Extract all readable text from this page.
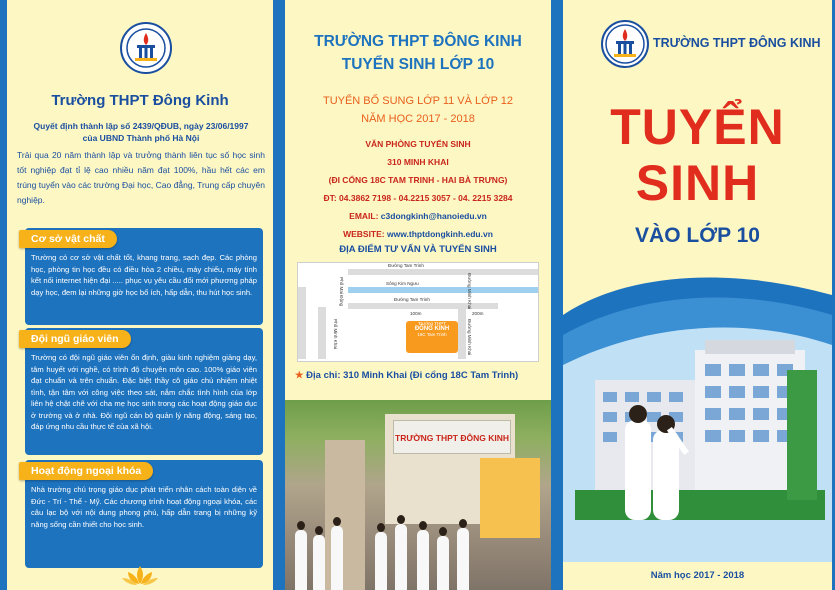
Trường THPT Đông Kinh
Quyết định thành lập số 2439/QĐUB, ngày 23/06/1997
của UBND Thành phố Hà Nội
Trải qua 20 năm thành lập và trưởng thành liên tục số học sinh tốt nghiệp đạt tỉ lệ cao nhiều năm đạt 100%, hầu hết các em trúng tuyển vào các trường Đại học, Cao đẳng, Trung cấp chuyên nghiệp.
Cơ sở vật chất
Trường có cơ sở vật chất tốt, khang trang, sạch đẹp. Các phòng học, phòng tin học đều có điều hòa 2 chiều, máy chiếu, máy tính kết nối internet hiện đại ..... phục vụ yêu cầu đổi mới phương pháp dạy học, đem lại những giờ học bổ ích, hấp dẫn, thu hút học sinh.
Đội ngũ giáo viên
Trường có đội ngũ giáo viên ổn định, giàu kinh nghiệm giảng dạy, tâm huyết với nghề, có trình độ chuyên môn cao. 100% giáo viên đạt chuẩn và trên chuẩn. Đặc biệt thầy cô giáo chủ nhiệm nhiệt tình, tận tâm với công việc theo sát, nắm chắc tình hình của lớp liên hệ chặt chẽ với cha mẹ học sinh trong các hoạt động giáo dục ở trường và ở nhà. Đội ngũ cán bộ quản lý năng động, sáng tạo, đáp ứng nhu cầu thực tế của xã hội.
Hoạt động ngoại khóa
Nhà trường chú trọng giáo dục phát triển nhân cách toàn diện về Đức - Trí - Thể - Mỹ. Các chương trình hoạt động ngoại khóa, các câu lạc bộ với nội dung phong phú, hấp dẫn trang bị những kỹ năng sống cần thiết cho học sinh.
TRƯỜNG THPT ĐÔNG KINH
TUYỂN SINH LỚP 10
TUYỂN BỔ SUNG LỚP 11 VÀ LỚP 12
NĂM HỌC 2017 - 2018
VĂN PHÒNG TUYỂN SINH
310 MINH KHAI
(ĐI CỔNG 18C TAM TRINH - HAI BÀ TRƯNG)
ĐT: 04.3862 7198 - 04.2215 3057 - 04. 2215 3284
EMAIL: c3dongkinh@hanoiedu.vn
WEBSITE: www.thptdongkinh.edu.vn
ĐỊA ĐIỂM TƯ VẤN VÀ TUYỂN SINH
Đường Tam Trinh
Sông Kim Ngưu
Đường Tam Trinh
100m	200m
Phố Mai Động
Phố Minh Khai
Đường Minh Khai
Đường Minh Khai
Trường THPT
ĐÔNG KINH
18C Tam Trinh
★ Địa chỉ: 310 Minh Khai (Đi cổng 18C Tam Trinh)
TRƯỜNG THPT ĐÔNG KINH
TRƯỜNG THPT ĐÔNG KINH
TUYỂN
SINH
VÀO LỚP 10
Năm học 2017 - 2018
